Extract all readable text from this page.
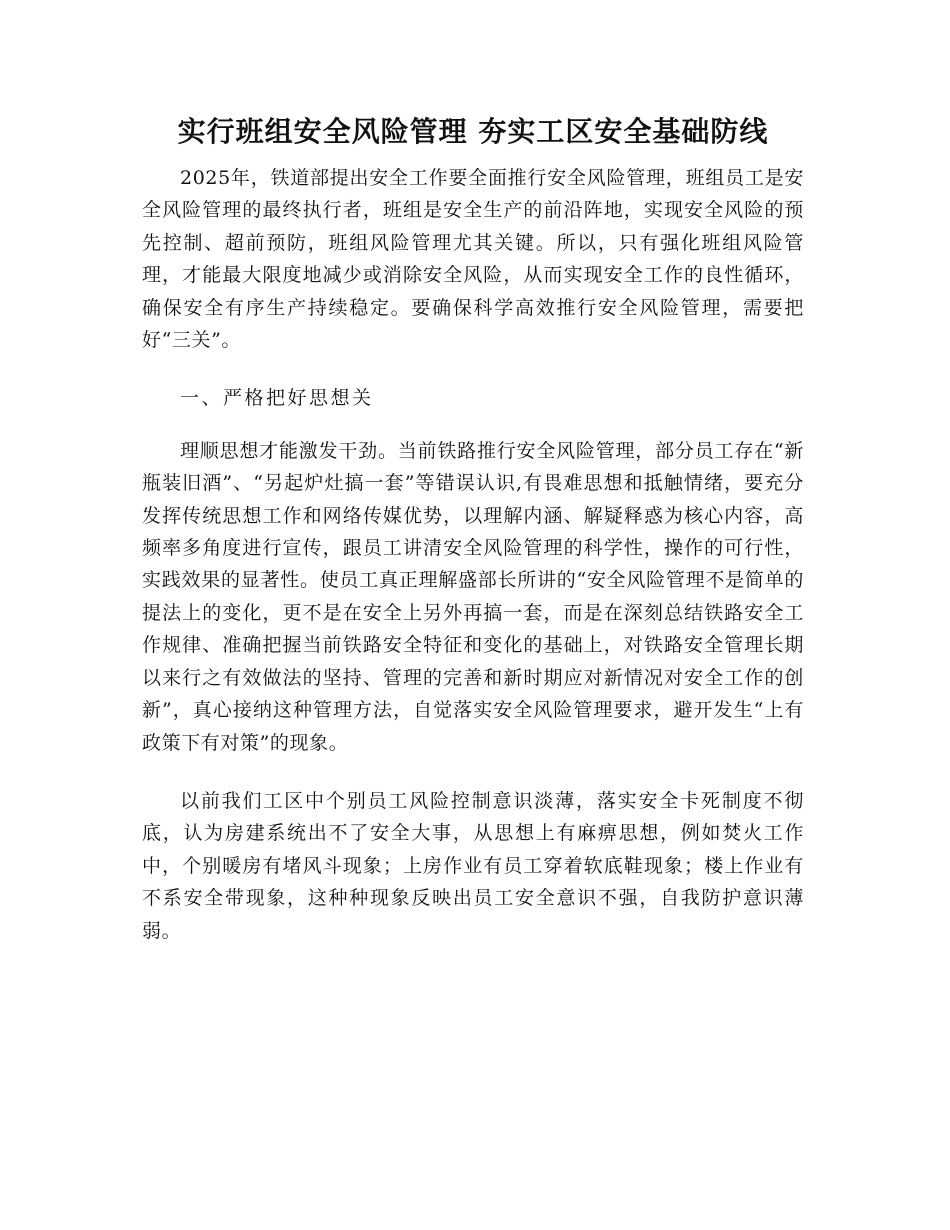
实行班组安全风险管理 夯实工区安全基础防线

2025年，铁道部提出安全工作要全面推行安全风险管理，班组员工是安全风险管理的最终执行者，班组是安全生产的前沿阵地，实现安全风险的预先控制、超前预防，班组风险管理尤其关键。所以，只有强化班组风险管理，才能最大限度地减少或消除安全风险，从而实现安全工作的良性循环，确保安全有序生产持续稳定。要确保科学高效推行安全风险管理，需要把好“三关”。

一、严格把好思想关

理顺思想才能激发干劲。当前铁路推行安全风险管理，部分员工存在“新瓶装旧酒”、“另起炉灶搞一套”等错误认识,有畏难思想和抵触情绪，要充分发挥传统思想工作和网络传媒优势，以理解内涵、解疑释惑为核心内容，高频率多角度进行宣传，跟员工讲清安全风险管理的科学性，操作的可行性，实践效果的显著性。使员工真正理解盛部长所讲的“安全风险管理不是简单的提法上的变化，更不是在安全上另外再搞一套，而是在深刻总结铁路安全工作规律、准确把握当前铁路安全特征和变化的基础上，对铁路安全管理长期以来行之有效做法的坚持、管理的完善和新时期应对新情况对安全工作的创新”，真心接纳这种管理方法，自觉落实安全风险管理要求，避开发生“上有政策下有对策”的现象。

以前我们工区中个别员工风险控制意识淡薄，落实安全卡死制度不彻底，认为房建系统出不了安全大事，从思想上有麻痹思想，例如焚火工作中，个别暖房有堵风斗现象；上房作业有员工穿着软底鞋现象；楼上作业有不系安全带现象，这种种现象反映出员工安全意识不强，自我防护意识薄弱。
